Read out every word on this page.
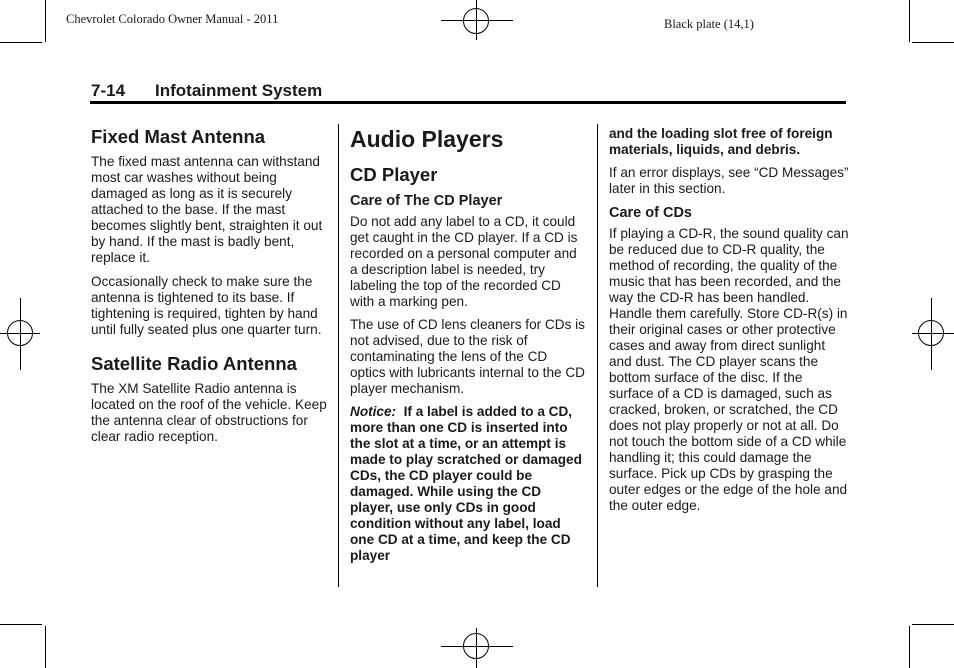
Chevrolet Colorado Owner Manual - 2011	Black plate (14,1)
7-14 Infotainment System
Fixed Mast Antenna

The fixed mast antenna can withstand most car washes without being damaged as long as it is securely attached to the base. If the mast becomes slightly bent, straighten it out by hand. If the mast is badly bent, replace it.

Occasionally check to make sure the antenna is tightened to its base. If tightening is required, tighten by hand until fully seated plus one quarter turn.

Satellite Radio Antenna

The XM Satellite Radio antenna is located on the roof of the vehicle. Keep the antenna clear of obstructions for clear radio reception.

Audio Players
CD Player
Care of The CD Player

Do not add any label to a CD, it could get caught in the CD player. If a CD is recorded on a personal computer and a description label is needed, try labeling the top of the recorded CD with a marking pen.

The use of CD lens cleaners for CDs is not advised, due to the risk of contaminating the lens of the CD optics with lubricants internal to the CD player mechanism.

Notice: If a label is added to a CD, more than one CD is inserted into the slot at a time, or an attempt is made to play scratched or damaged CDs, the CD player could be damaged. While using the CD player, use only CDs in good condition without any label, load one CD at a time, and keep the CD player

and the loading slot free of foreign materials, liquids, and debris.

If an error displays, see “CD Messages” later in this section.

Care of CDs

If playing a CD-R, the sound quality can be reduced due to CD-R quality, the method of recording, the quality of the music that has been recorded, and the way the CD-R has been handled. Handle them carefully. Store CD-R(s) in their original cases or other protective cases and away from direct sunlight and dust. The CD player scans the bottom surface of the disc. If the surface of a CD is damaged, such as cracked, broken, or scratched, the CD does not play properly or not at all. Do not touch the bottom side of a CD while handling it; this could damage the surface. Pick up CDs by grasping the outer edges or the edge of the hole and the outer edge.
